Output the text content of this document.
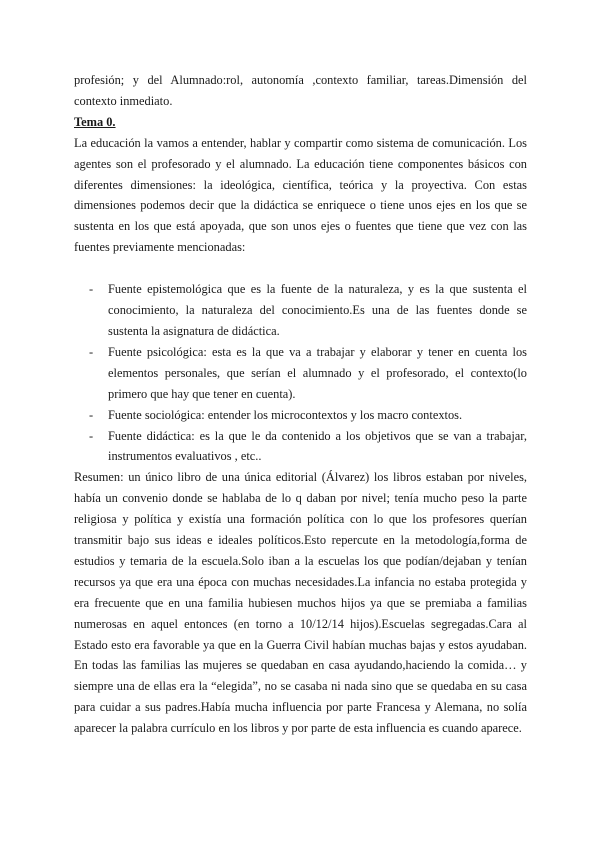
profesión; y del Alumnado:rol, autonomía ,contexto familiar, tareas.Dimensión del contexto inmediato.

Tema 0.

La educación la vamos a entender, hablar y compartir como sistema de comunicación. Los agentes son el profesorado y el alumnado. La educación tiene componentes básicos con diferentes dimensiones: la ideológica, científica, teórica y la proyectiva. Con estas dimensiones podemos decir que la didáctica se enriquece o tiene unos ejes en los que se sustenta en los que está apoyada, que son unos ejes o fuentes que tiene que vez con las fuentes previamente mencionadas:

- Fuente epistemológica que es la fuente de la naturaleza, y es la que sustenta el conocimiento, la naturaleza del conocimiento.Es una de las fuentes donde se sustenta la asignatura de didáctica.
- Fuente psicológica: esta es la que va a trabajar y elaborar y tener en cuenta los elementos personales, que serían el alumnado y el profesorado, el contexto(lo primero que hay que tener en cuenta).
- Fuente sociológica: entender los microcontextos y los macro contextos.
- Fuente didáctica: es la que le da contenido a los objetivos que se van a trabajar, instrumentos evaluativos , etc..

Resumen: un único libro de una única editorial (Álvarez) los libros estaban por niveles, había un convenio donde se hablaba de lo q daban por nivel; tenía mucho peso la parte religiosa y política y existía una formación política con lo que los profesores querían transmitir bajo sus ideas e ideales políticos.Esto repercute en la metodología,forma de estudios y temaria de la escuela.Solo iban a la escuelas los que podían/dejaban y tenían recursos ya que era una época con muchas necesidades.La infancia no estaba protegida y era frecuente que en una familia hubiesen muchos hijos ya que se premiaba a familias numerosas en aquel entonces (en torno a 10/12/14 hijos).Escuelas segregadas.Cara al Estado esto era favorable ya que en la Guerra Civil habían muchas bajas y estos ayudaban. En todas las familias las mujeres se quedaban en casa ayudando,haciendo la comida… y siempre una de ellas era la “elegida”, no se casaba ni nada sino que se quedaba en su casa para cuidar a sus padres.Había mucha influencia por parte Francesa y Alemana, no solía aparecer la palabra currículo en los libros y por parte de esta influencia es cuando aparece.
